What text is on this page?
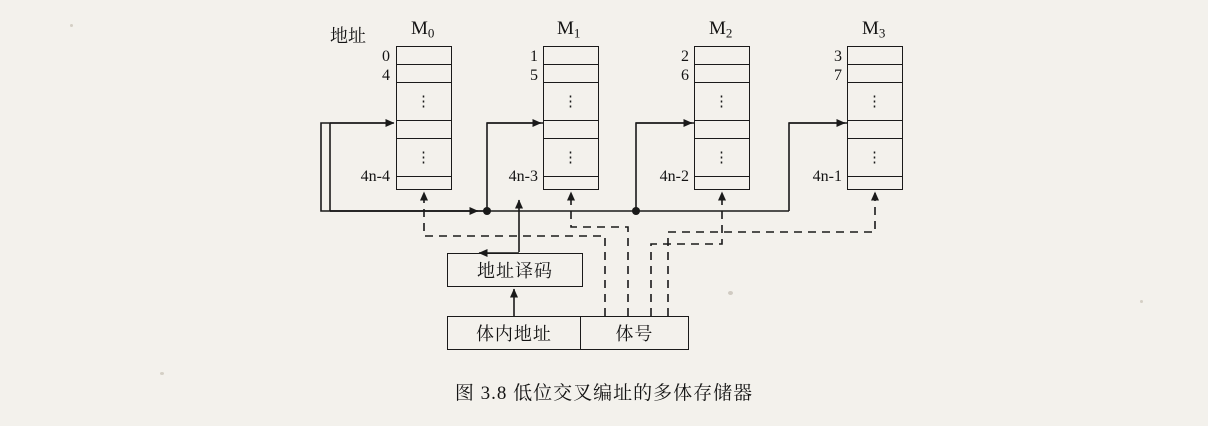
地址 $M_0$	$M_1$	$M_2$	$M_3$
⋮
⋮
⋮
⋮
⋮
⋮
⋮
⋮
0
4
4n-4
1
5
4n-3
2
6
4n-2
3
7
4n-1
地址译码
体内地址	体号
图 3.8 低位交叉编址的多体存储器
